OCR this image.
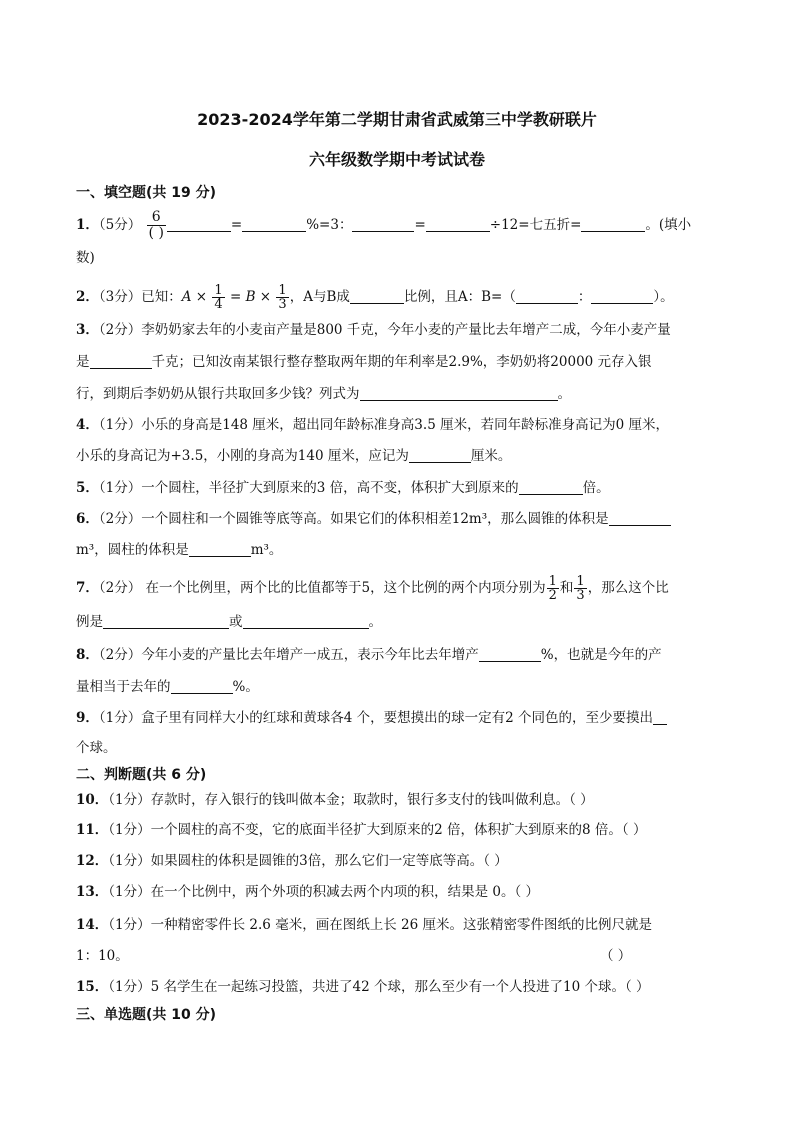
2023-2024学年第二学期甘肃省武威第三中学教研联片
六年级数学期中考试试卷
一、填空题(共 19 分)
1．（5分） $\frac{6}{( )}$	=	%=3：	=	÷12=七五折=	。(填小
数)
2．（3分）已知：$A \times \frac{1}{4} = B \times \frac{1}{3}$ ，A与B成	比例，且A：B=（	：	）。
3．（2分）李奶奶家去年的小麦亩产量是800 千克，今年小麦的产量比去年增产二成，今年小麦产量
是	千克；已知汝南某银行整存整取两年期的年利率是2.9%，李奶奶将20000 元存入银
行，到期后李奶奶从银行共取回多少钱？列式为	。
4．（1分）小乐的身高是148 厘米，超出同年龄标准身高3.5 厘米，若同年龄标准身高记为0 厘米，
小乐的身高记为+3.5，小刚的身高为140 厘米，应记为	厘米。
5．（1分）一个圆柱，半径扩大到原来的3 倍，高不变，体积扩大到原来的	倍。
6．（2分）一个圆柱和一个圆锥等底等高。如果它们的体积相差12m³，那么圆锥的体积是
m³，圆柱的体积是	m³。
7．（2分） 在一个比例里，两个比的比值都等于5，这个比例的两个内项分别为 $\frac{1}{2}$ 和 $\frac{1}{3}$ ，那么这个比
例是	或	。
8．（2分）今年小麦的产量比去年增产一成五，表示今年比去年增产	%，也就是今年的产
量相当于去年的	%。
9．（1分）盒子里有同样大小的红球和黄球各4 个，要想摸出的球一定有2 个同色的，至少要摸出
个球。
二、判断题(共 6 分)
10．（1分）存款时，存入银行的钱叫做本金；取款时，银行多支付的钱叫做利息。（ ）
11．（1分）一个圆柱的高不变，它的底面半径扩大到原来的2 倍，体积扩大到原来的8 倍。（ ）
12．（1分）如果圆柱的体积是圆锥的3倍，那么它们一定等底等高。（ ）
13．（1分）在一个比例中，两个外项的积减去两个内项的积，结果是 0。（ ）
14．（1分）一种精密零件长 2.6 毫米，画在图纸上长 26 厘米。这张精密零件图纸的比例尺就是
1：10。	（ ）
15．（1分）5 名学生在一起练习投篮，共进了42 个球，那么至少有一个人投进了10 个球。（ ）
三、单选题(共 10 分)
